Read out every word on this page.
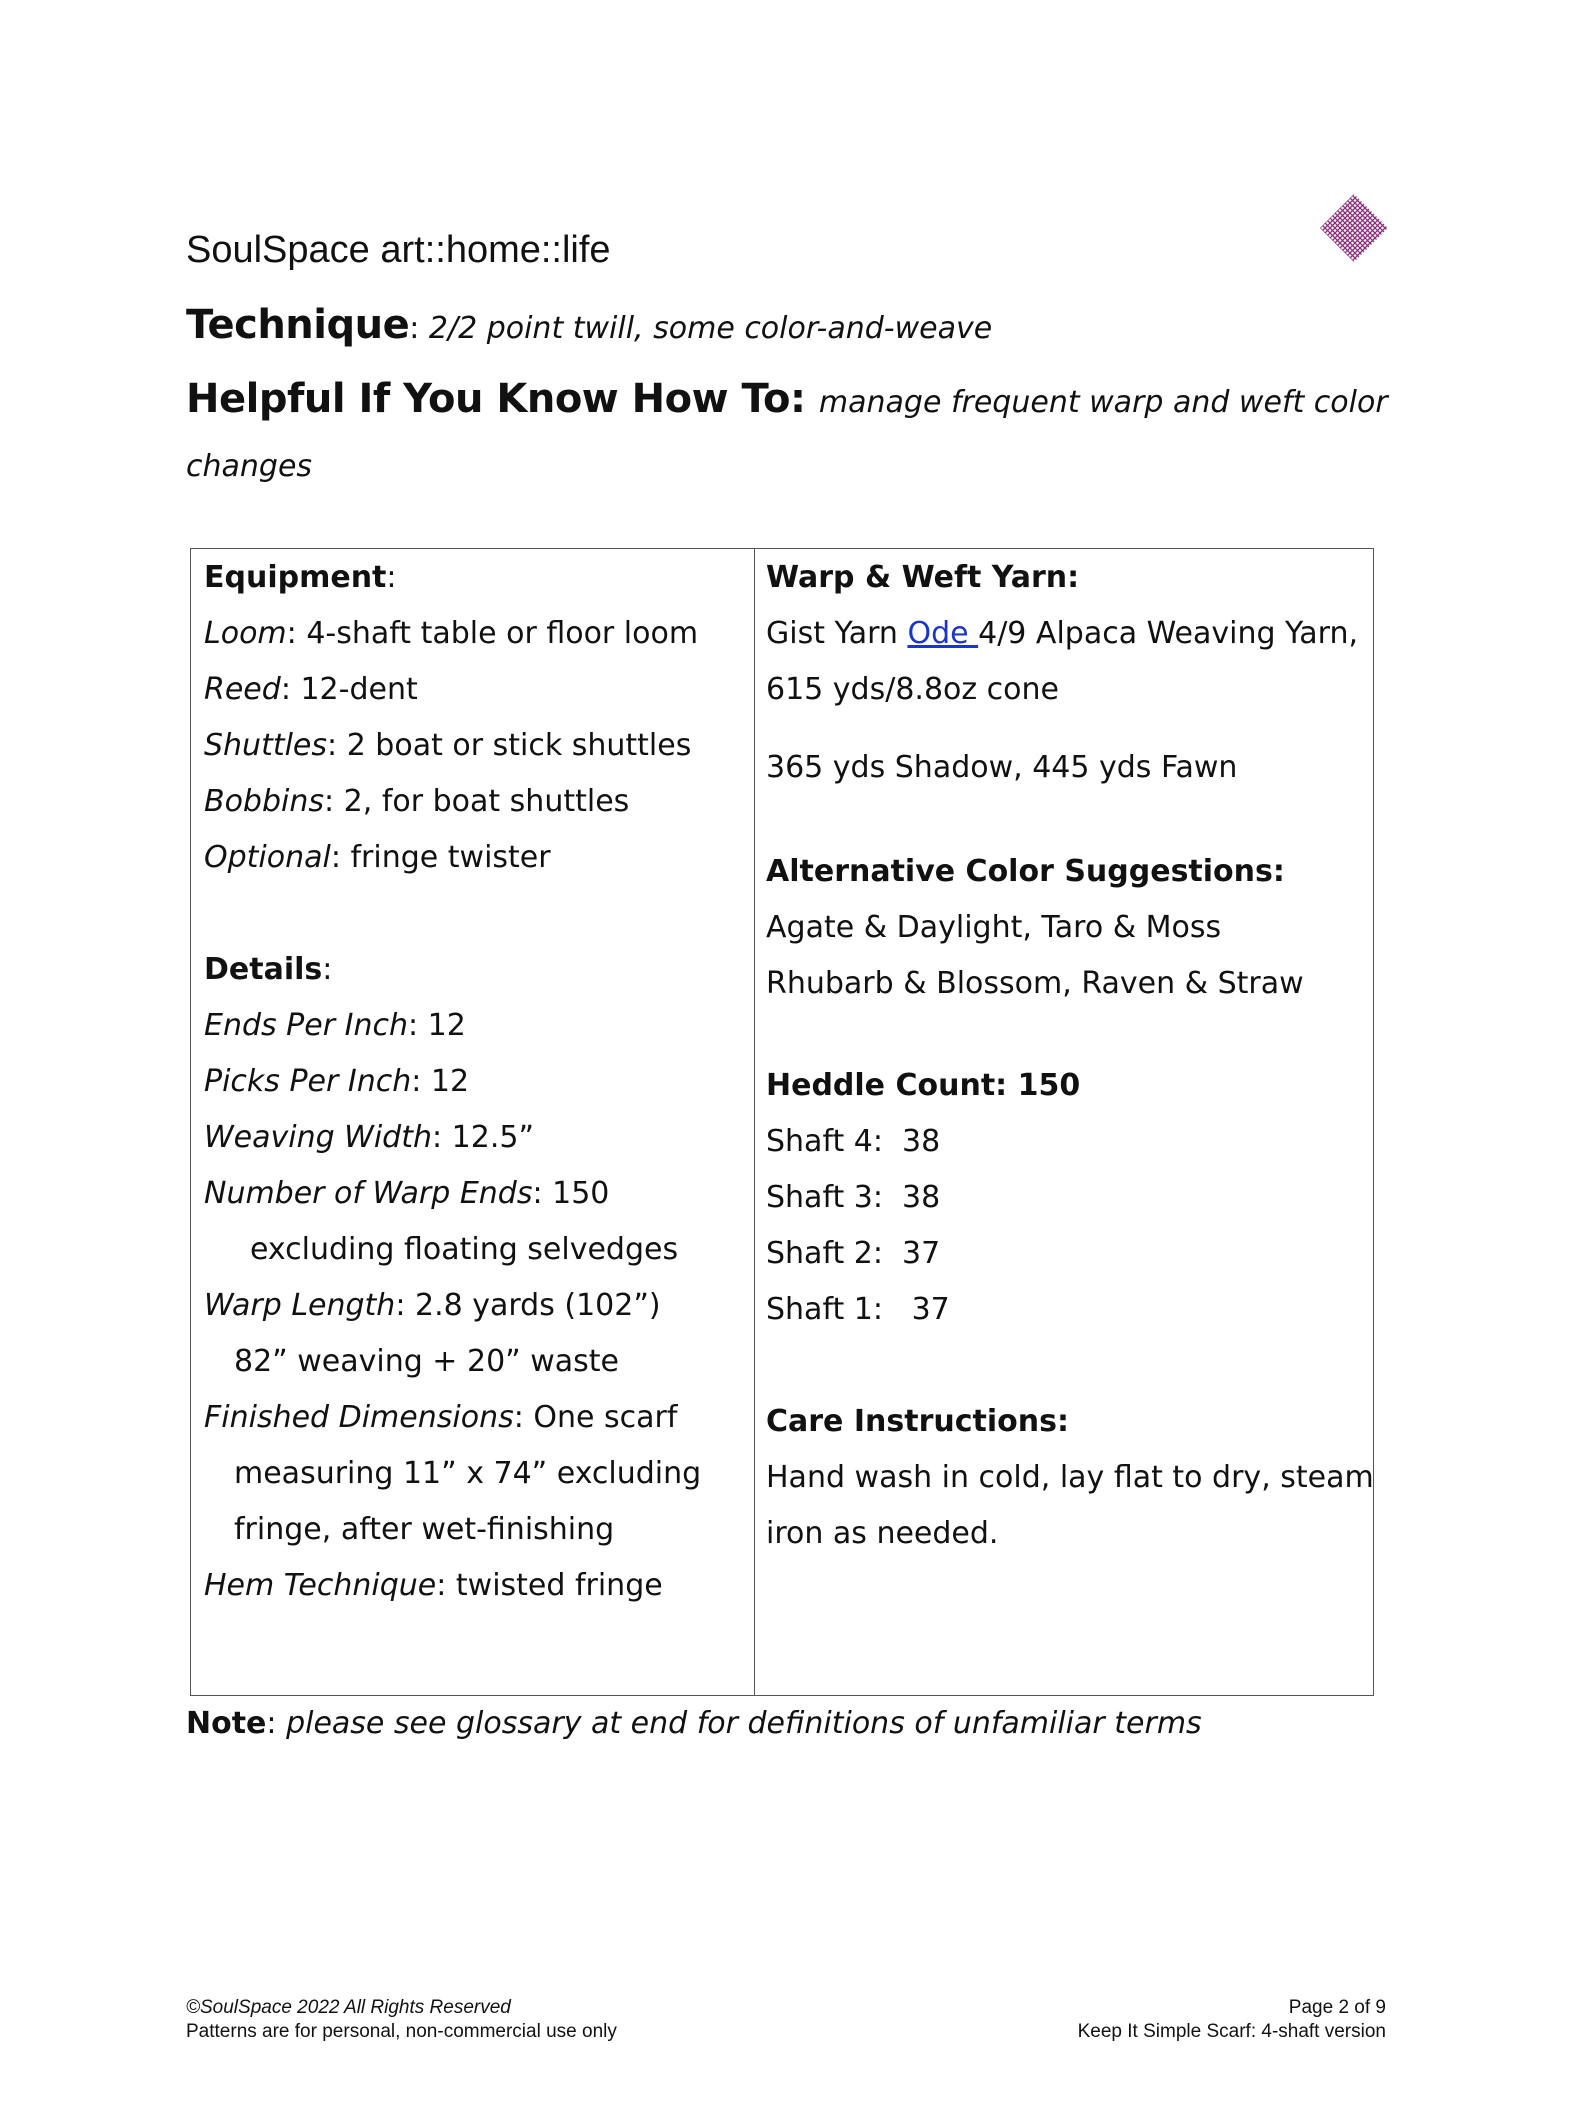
SoulSpace art::home::life
Technique: 2/2 point twill, some color-and-weave
Helpful If You Know How To: manage frequent warp and weft color
changes
Equipment:
Loom: 4-shaft table or floor loom
Reed: 12-dent
Shuttles: 2 boat or stick shuttles
Bobbins: 2, for boat shuttles
Optional: fringe twister
Details:
Ends Per Inch: 12
Picks Per Inch: 12
Weaving Width: 12.5”
Number of Warp Ends: 150
excluding floating selvedges
Warp Length: 2.8 yards (102”)
82” weaving + 20” waste
Finished Dimensions: One scarf
measuring 11” x 74” excluding
fringe, after wet-finishing
Hem Technique: twisted fringe
Warp & Weft Yarn:
Gist Yarn Ode 4/9 Alpaca Weaving Yarn,
615 yds/8.8oz cone
365 yds Shadow, 445 yds Fawn
Alternative Color Suggestions:
Agate & Daylight, Taro & Moss
Rhubarb & Blossom, Raven & Straw
Heddle Count: 150
Shaft 4: 38
Shaft 3: 38
Shaft 2: 37
Shaft 1: 37
Care Instructions:
Hand wash in cold, lay flat to dry, steam
iron as needed.
Note: please see glossary at end for definitions of unfamiliar terms
©SoulSpace 2022 All Rights Reserved
Patterns are for personal, non-commercial use only
Page 2 of 9
Keep It Simple Scarf: 4-shaft version
